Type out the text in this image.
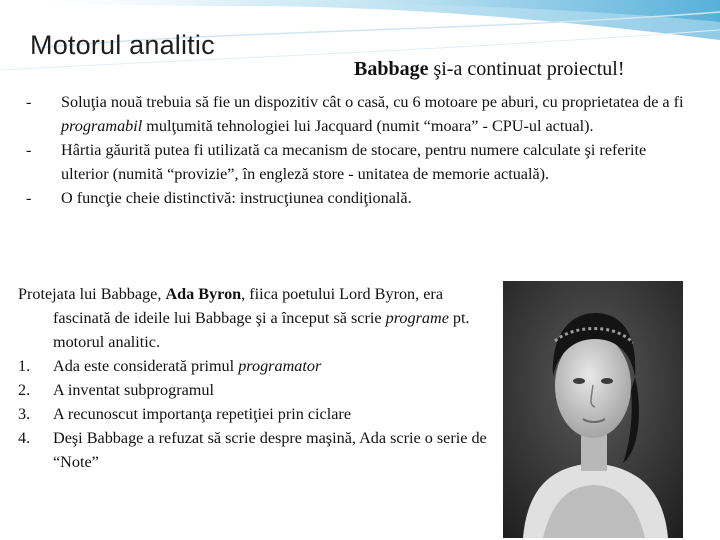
Motorul analitic
Babbage şi-a continuat proiectul!
-	Soluţia nouă trebuia să fie un dispozitiv cât o casă, cu 6 motoare pe aburi, cu proprietatea de a fi programabil mulţumită tehnologiei lui Jacquard (numit “moara” - CPU-ul actual).
-	Hârtia găurită putea fi utilizată ca mecanism de stocare, pentru numere calculate şi referite ulterior (numită “provizie”, în engleză store - unitatea de memorie actuală).
-	O funcţie cheie distinctivă: instrucţiunea condiţională.
Protejata lui Babbage, Ada Byron, fiica poetului Lord Byron, era fascinată de ideile lui Babbage şi a început să scrie programe pt. motorul analitic.
1. Ada este considerată primul programator
2. A inventat subprogramul
3. A recunoscut importanţa repetiţiei prin ciclare
4. Deşi Babbage a refuzat să scrie despre maşină, Ada scrie o serie de “Note”
